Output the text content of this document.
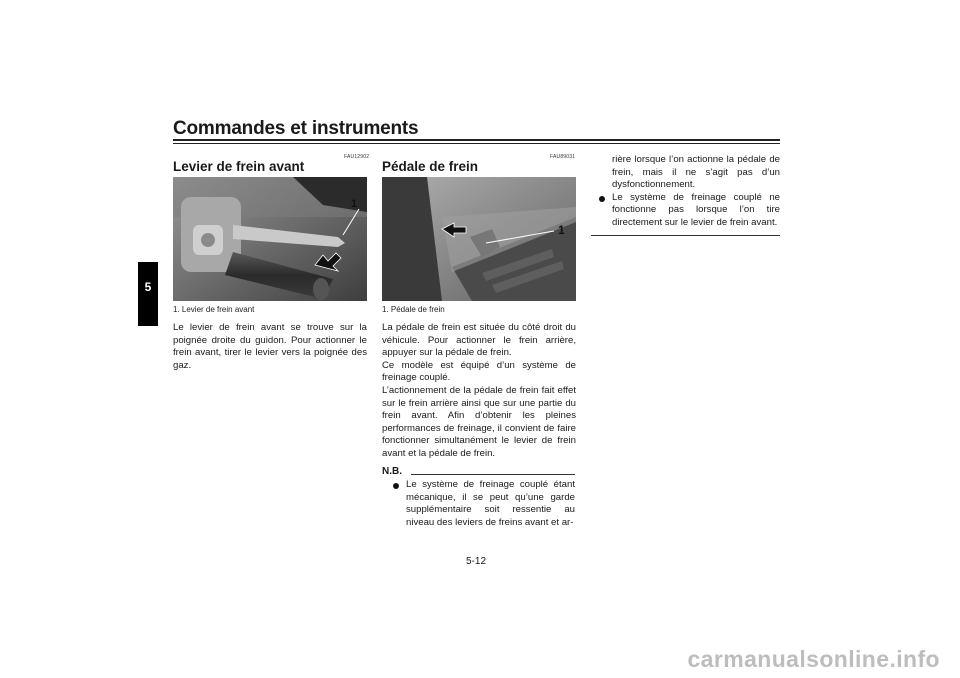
Commandes et instruments
5
FAU12902
Levier de frein avant
1
1. Levier de frein avant

Le levier de frein avant se trouve sur la poignée droite du guidon. Pour actionner le frein avant, tirer le levier vers la poignée des gaz.

FAU89031
Pédale de frein
1
1. Pédale de frein

La pédale de frein est située du côté droit du véhicule. Pour actionner le frein arrière, appuyer sur la pédale de frein.

Ce modèle est équipé d’un système de freinage couplé.

L’actionnement de la pédale de frein fait effet sur le frein arrière ainsi que sur une partie du frein avant. Afin d’obtenir les pleines performances de freinage, il convient de faire fonctionner simultanément le levier de frein avant et la pédale de frein.

N.B.
Le système de freinage couplé étant mécanique, il se peut qu’une garde supplémentaire soit ressentie au niveau des leviers de freins avant et ar-
rière lorsque l’on actionne la pédale de frein, mais il ne s’agit pas d’un dysfonctionnement.
Le système de freinage couplé ne fonctionne pas lorsque l’on tire directement sur le levier de frein avant.
5-12
carmanualsonline.info
